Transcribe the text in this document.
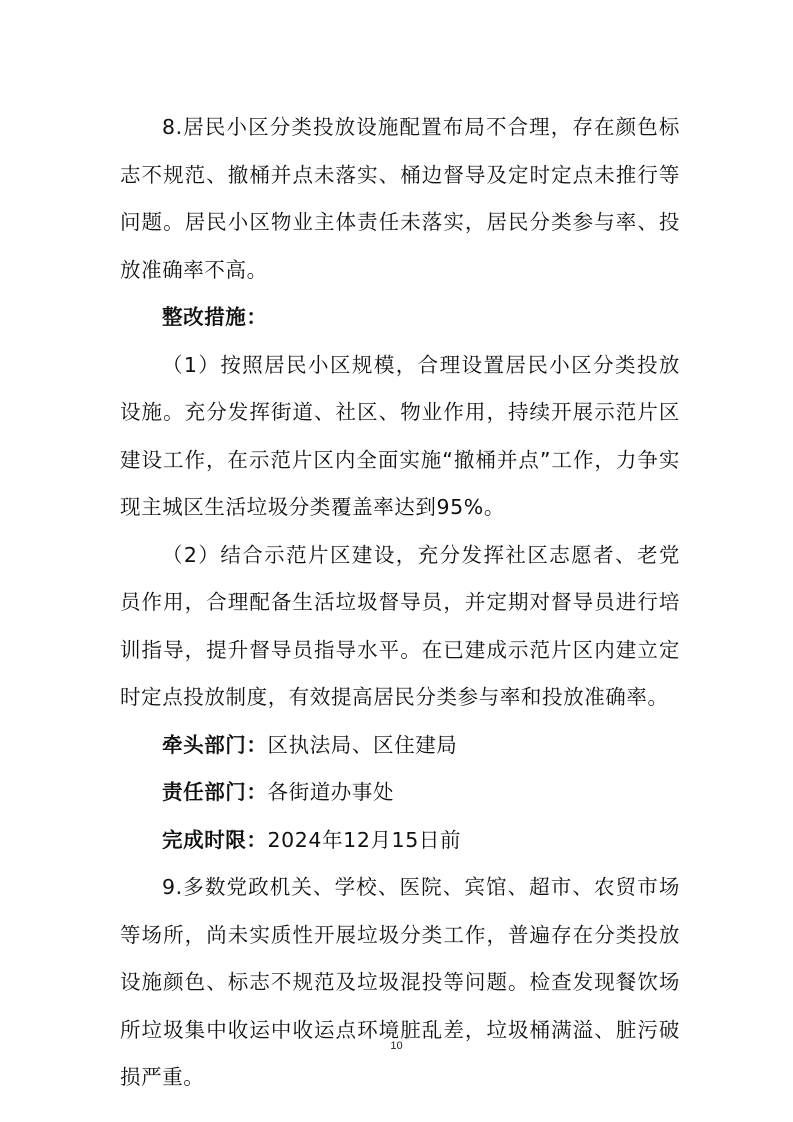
8.居民小区分类投放设施配置布局不合理，存在颜色标志不规范、撤桶并点未落实、桶边督导及定时定点未推行等问题。居民小区物业主体责任未落实，居民分类参与率、投放准确率不高。

整改措施：

（1）按照居民小区规模，合理设置居民小区分类投放设施。充分发挥街道、社区、物业作用，持续开展示范片区建设工作，在示范片区内全面实施“撤桶并点”工作，力争实现主城区生活垃圾分类覆盖率达到95%。

（2）结合示范片区建设，充分发挥社区志愿者、老党员作用，合理配备生活垃圾督导员，并定期对督导员进行培训指导，提升督导员指导水平。在已建成示范片区内建立定时定点投放制度，有效提高居民分类参与率和投放准确率。

牵头部门：区执法局、区住建局

责任部门：各街道办事处

完成时限：2024年12月15日前

9.多数党政机关、学校、医院、宾馆、超市、农贸市场等场所，尚未实质性开展垃圾分类工作，普遍存在分类投放设施颜色、标志不规范及垃圾混投等问题。检查发现餐饮场所垃圾集中收运中收运点环境脏乱差，垃圾桶满溢、脏污破损严重。

10
